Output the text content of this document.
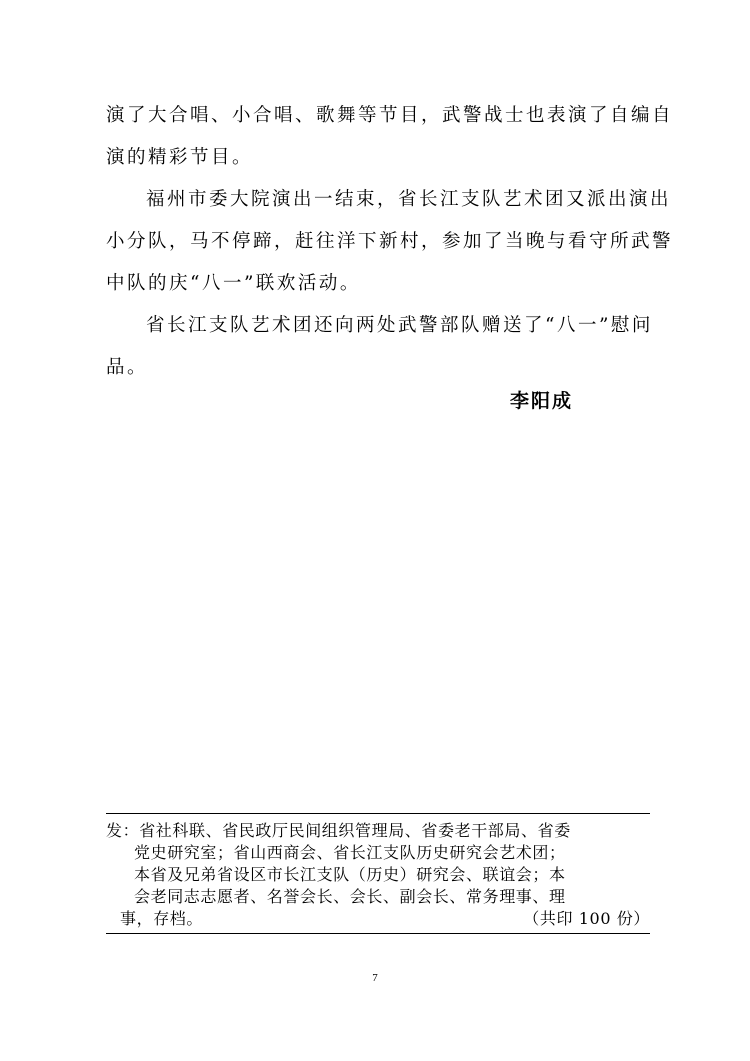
演了大合唱、小合唱、歌舞等节目，武警战士也表演了自编自
演的精彩节目。
福州市委大院演出一结束，省长江支队艺术团又派出演出
小分队，马不停蹄，赶往洋下新村，参加了当晚与看守所武警
中队的庆“八一”联欢活动。
省长江支队艺术团还向两处武警部队赠送了“八一”慰问
品。
李阳成
发：省社科联、省民政厅民间组织管理局、省委老干部局、省委
党史研究室；省山西商会、省长江支队历史研究会艺术团；
本省及兄弟省设区市长江支队（历史）研究会、联谊会；本
会老同志志愿者、名誉会长、会长、副会长、常务理事、理
事，存档。	（共印 100 份）
7
